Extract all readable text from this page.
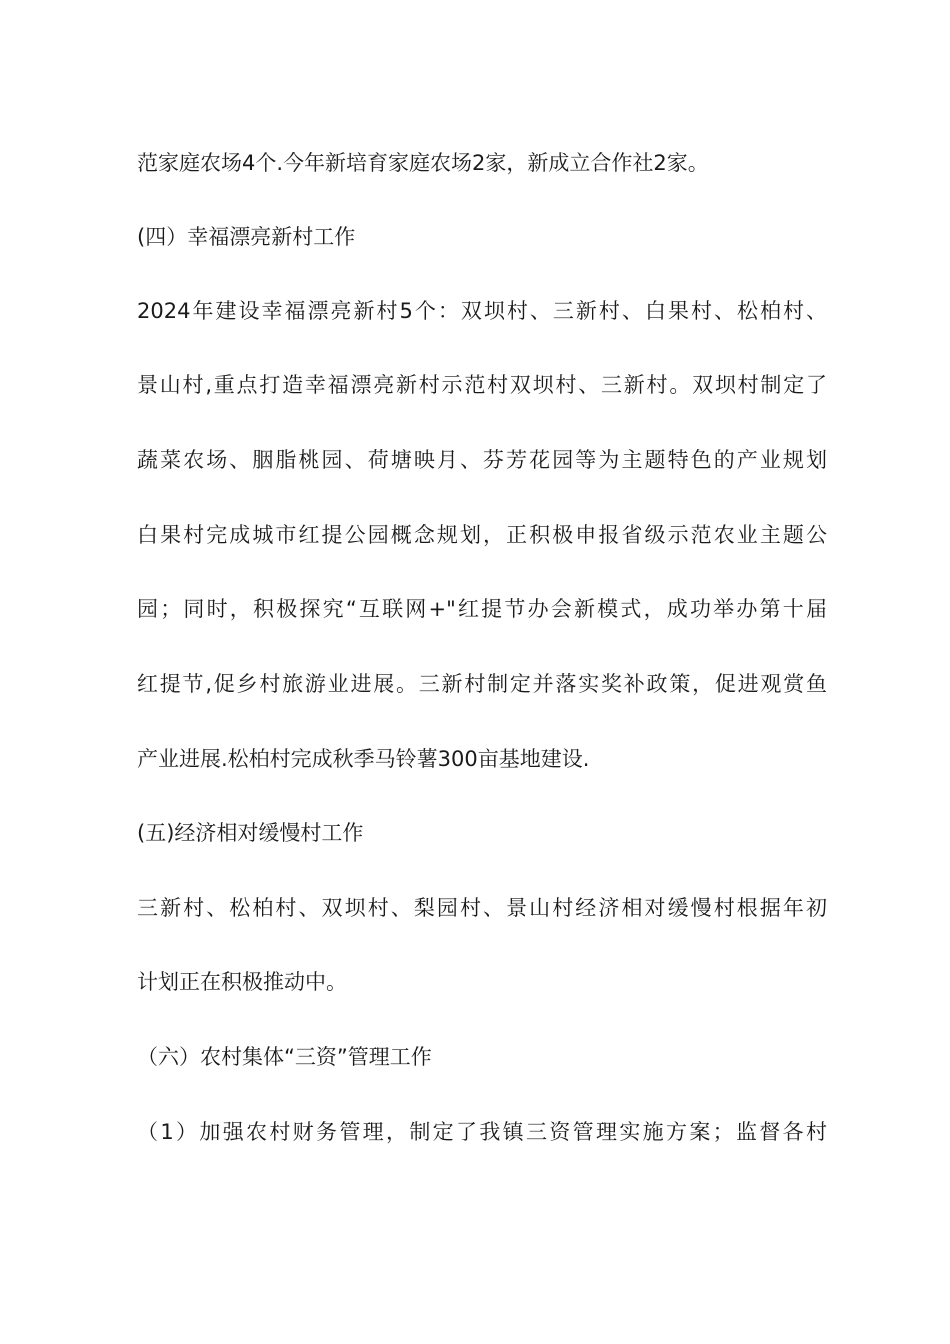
范家庭农场4个.今年新培育家庭农场2家，新成立合作社2家。
(四）幸福漂亮新村工作
2024年建设幸福漂亮新村5个：双坝村、三新村、白果村、松柏村、
景山村,重点打造幸福漂亮新村示范村双坝村、三新村。双坝村制定了
蔬菜农场、胭脂桃园、荷塘映月、芬芳花园等为主题特色的产业规划
白果村完成城市红提公园概念规划，正积极申报省级示范农业主题公
园；同时，积极探究“互联网+"红提节办会新模式，成功举办第十届
红提节,促乡村旅游业进展。三新村制定并落实奖补政策，促进观赏鱼
产业进展.松柏村完成秋季马铃薯300亩基地建设.
(五)经济相对缓慢村工作
三新村、松柏村、双坝村、梨园村、景山村经济相对缓慢村根据年初
计划正在积极推动中。
（六）农村集体“三资”管理工作
（1）加强农村财务管理，制定了我镇三资管理实施方案；监督各村
